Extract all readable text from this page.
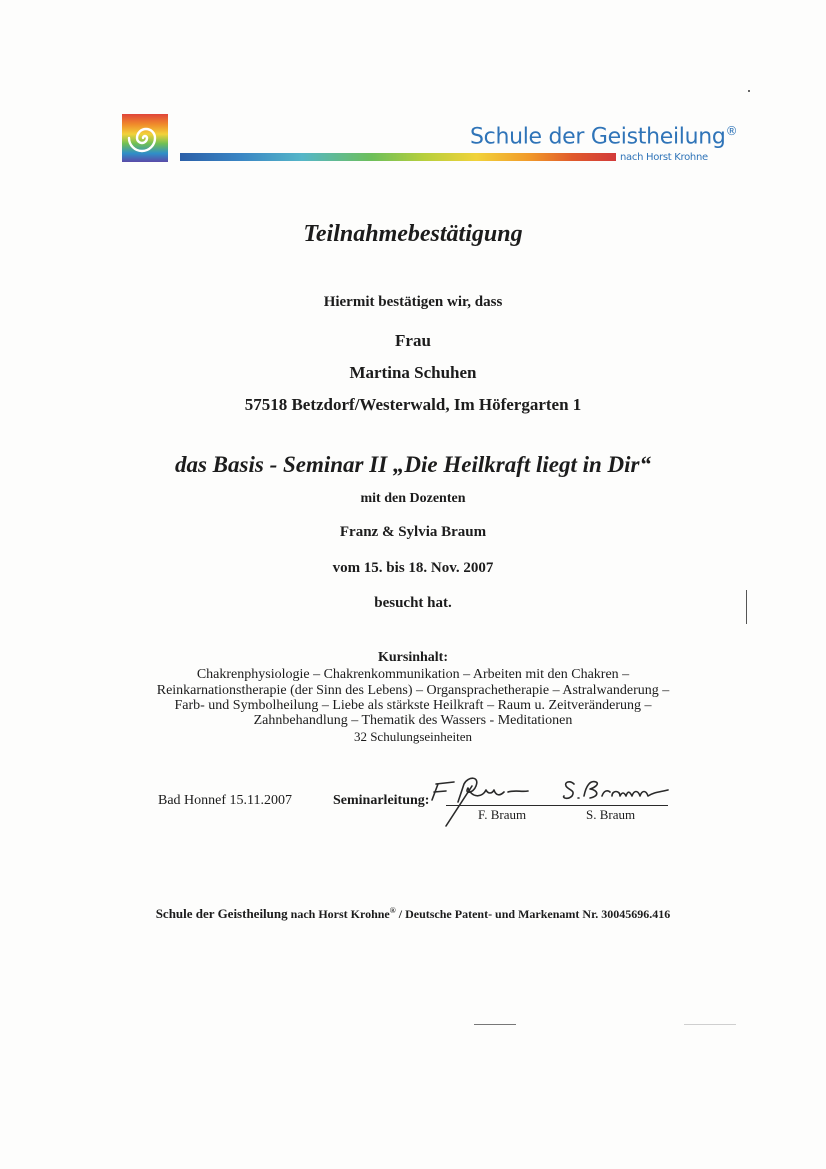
Schule der Geistheilung®
nach Horst Krohne
Teilnahmebestätigung
Hiermit bestätigen wir, dass
Frau
Martina Schuhen
57518 Betzdorf/Westerwald, Im Höfergarten 1
das Basis - Seminar II „Die Heilkraft liegt in Dir“
mit den Dozenten
Franz & Sylvia Braum
vom 15. bis 18. Nov. 2007
besucht hat.
Kursinhalt:
Chakrenphysiologie – Chakrenkommunikation – Arbeiten mit den Chakren –
Reinkarnationstherapie (der Sinn des Lebens) – Organsprachetherapie – Astralwanderung –
Farb- und Symbolheilung – Liebe als stärkste Heilkraft – Raum u. Zeitveränderung –
Zahnbehandlung – Thematik des Wassers - Meditationen
32 Schulungseinheiten
Bad Honnef 15.11.2007	Seminarleitung:
F. Braum	S. Braum
Schule der Geistheilung nach Horst Krohne® / Deutsche Patent- und Markenamt Nr. 30045696.416
